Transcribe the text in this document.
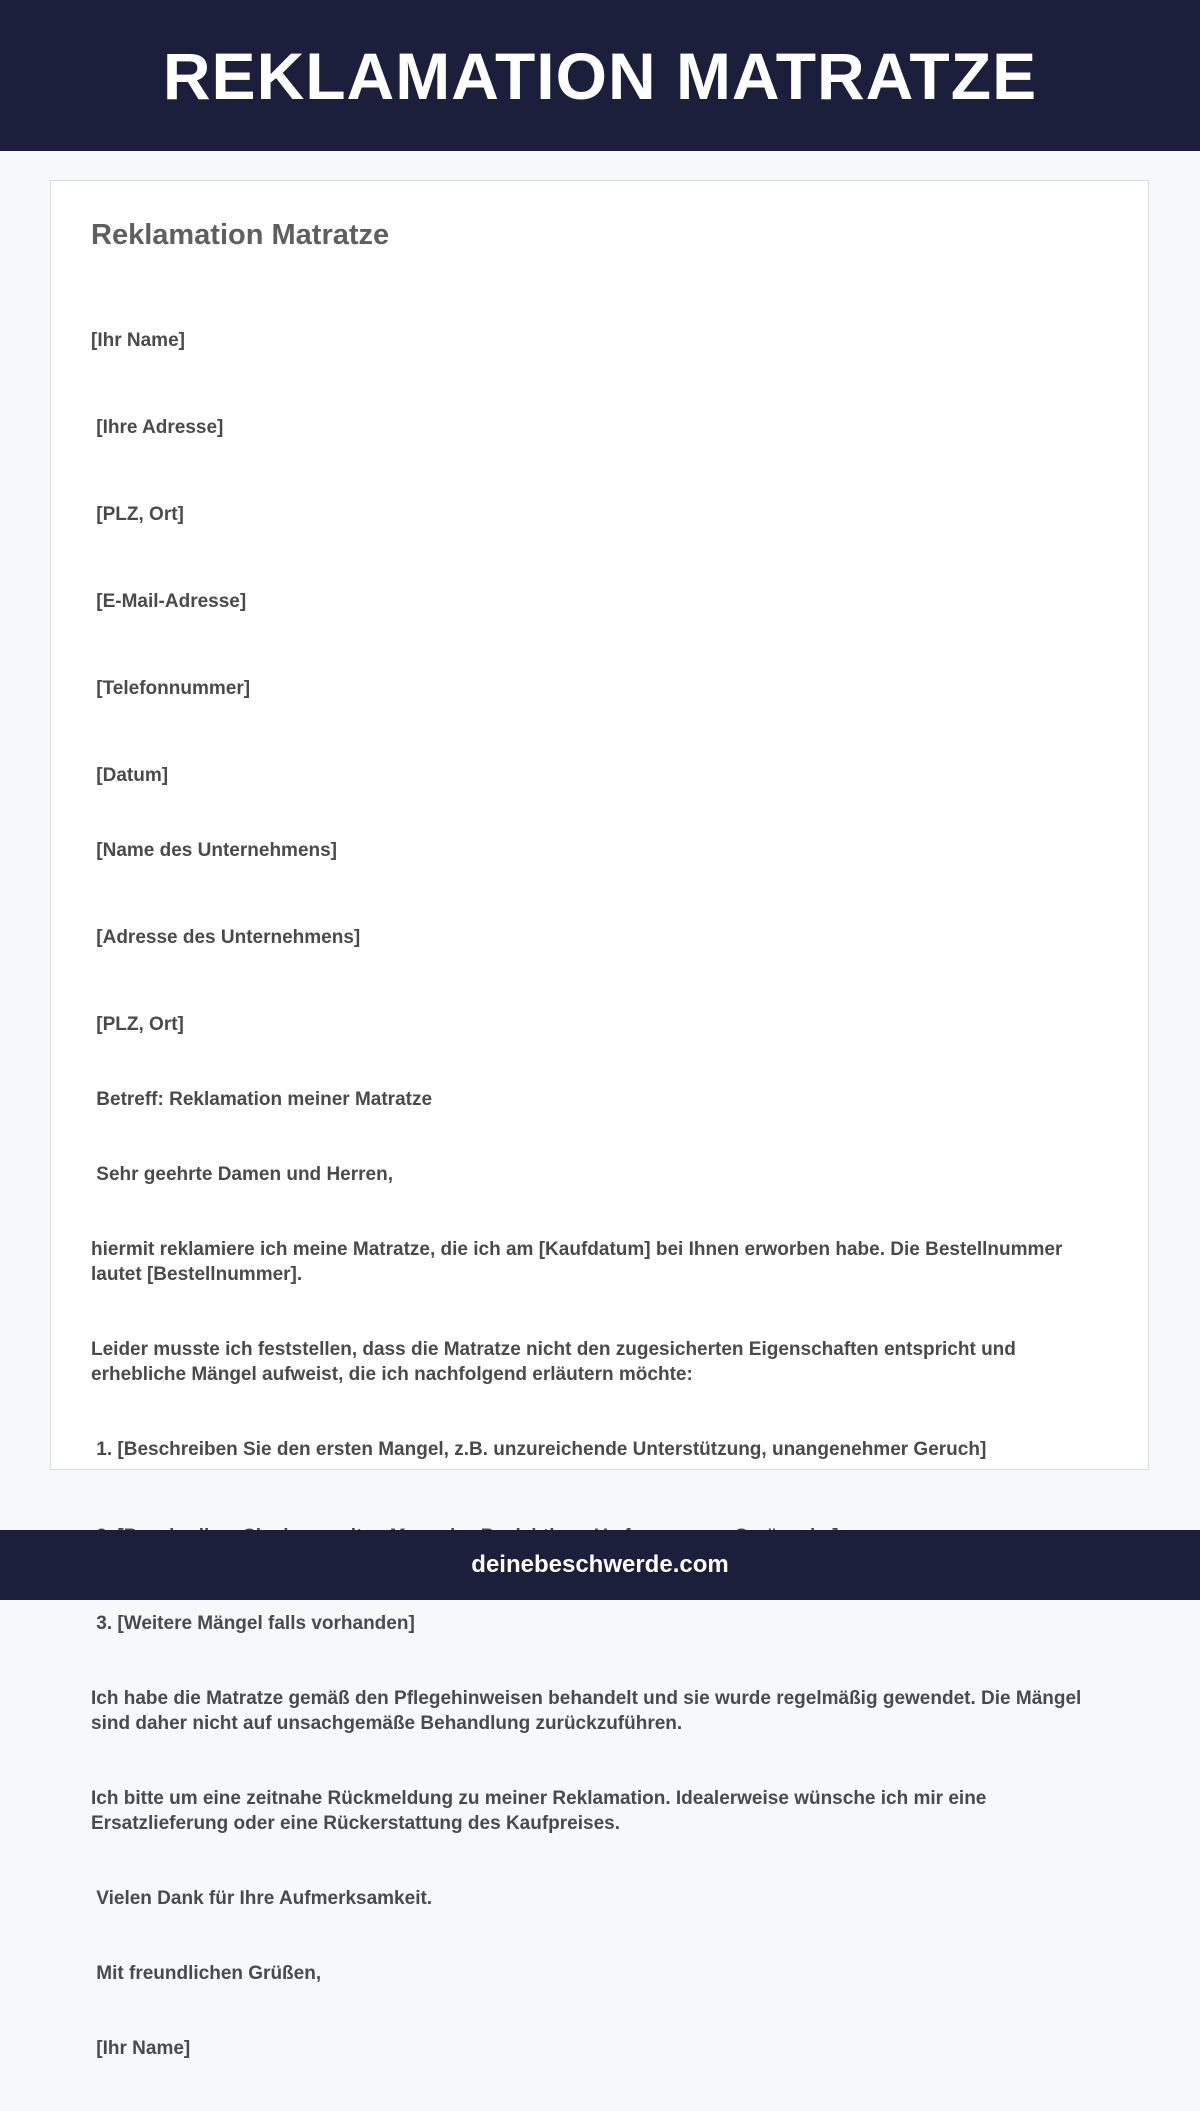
REKLAMATION MATRATZE
Reklamation Matratze

[Ihr Name]

[Ihre Adresse]

[PLZ, Ort]

[E-Mail-Adresse]

[Telefonnummer]

[Datum]

[Name des Unternehmens]

[Adresse des Unternehmens]

[PLZ, Ort]

Betreff: Reklamation meiner Matratze

Sehr geehrte Damen und Herren,

hiermit reklamiere ich meine Matratze, die ich am [Kaufdatum] bei Ihnen erworben habe. Die Bestellnummer lautet [Bestellnummer].

Leider musste ich feststellen, dass die Matratze nicht den zugesicherten Eigenschaften entspricht und erhebliche Mängel aufweist, die ich nachfolgend erläutern möchte:

1. [Beschreiben Sie den ersten Mangel, z.B. unzureichende Unterstützung, unangenehmer Geruch]

3. [Weitere Mängel falls vorhanden]

Ich habe die Matratze gemäß den Pflegehinweisen behandelt und sie wurde regelmäßig gewendet. Die Mängel sind daher nicht auf unsachgemäße Behandlung zurückzuführen.

Ich bitte um eine zeitnahe Rückmeldung zu meiner Reklamation. Idealerweise wünsche ich mir eine Ersatzlieferung oder eine Rückerstattung des Kaufpreises.

Vielen Dank für Ihre Aufmerksamkeit.

Mit freundlichen Grüßen,

[Ihr Name]

deinebeschwerde.com
